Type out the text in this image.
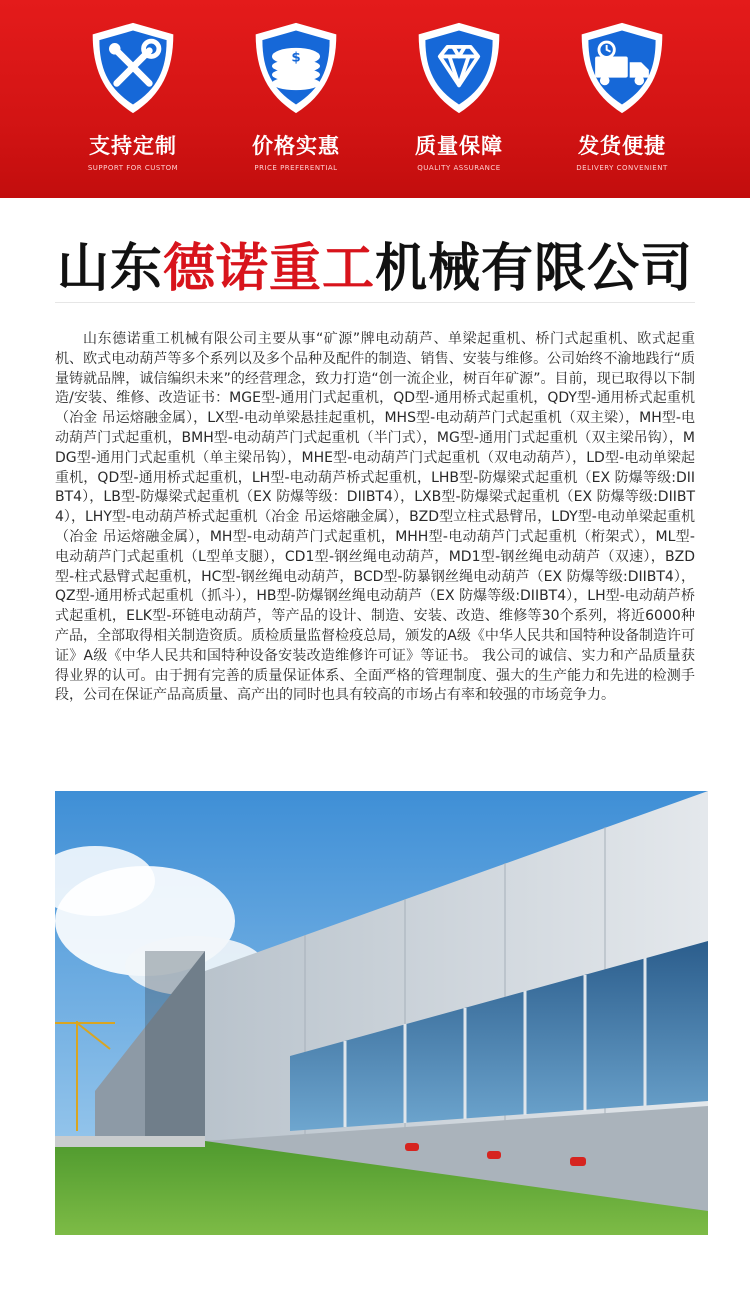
支持定制
SUPPORT FOR CUSTOM
$
价格实惠
PRICE PREFERENTIAL
质量保障
QUALITY ASSURANCE
发货便捷
DELIVERY CONVENIENT
山东德诺重工机械有限公司

山东德诺重工机械有限公司主要从事“矿源”牌电动葫芦、单梁起重机、桥门式起重机、欧式起重机、欧式电动葫芦等多个系列以及多个品种及配件的制造、销售、安装与维修。公司始终不渝地践行“质量铸就品牌，诚信编织未来”的经营理念，致力打造“创一流企业，树百年矿源”。目前，现已取得以下制造/安装、维修、改造证书：MGE型-通用门式起重机，QD型-通用桥式起重机，QDY型-通用桥式起重机（冶金 吊运熔融金属），LX型-电动单梁悬挂起重机，MHS型-电动葫芦门式起重机（双主梁），MH型-电动葫芦门式起重机，BMH型-电动葫芦门式起重机（半门式），MG型-通用门式起重机（双主梁吊钩），MDG型-通用门式起重机（单主梁吊钩），MHE型-电动葫芦门式起重机（双电动葫芦），LD型-电动单梁起重机，QD型-通用桥式起重机，LH型-电动葫芦桥式起重机，LHB型-防爆梁式起重机（EX 防爆等级:DIIBT4），LB型-防爆梁式起重机（EX 防爆等级：DIIBT4），LXB型-防爆梁式起重机（EX 防爆等级:DIIBT4），LHY型-电动葫芦桥式起重机（冶金 吊运熔融金属），BZD型立柱式悬臂吊，LDY型-电动单梁起重机（冶金 吊运熔融金属），MH型-电动葫芦门式起重机，MHH型-电动葫芦门式起重机（桁架式），ML型-电动葫芦门式起重机（L型单支腿），CD1型-钢丝绳电动葫芦，MD1型-钢丝绳电动葫芦（双速），BZD型-柱式悬臂式起重机，HC型-钢丝绳电动葫芦，BCD型-防暴钢丝绳电动葫芦（EX 防爆等级:DIIBT4），QZ型-通用桥式起重机（抓斗），HB型-防爆钢丝绳电动葫芦（EX 防爆等级:DIIBT4），LH型-电动葫芦桥式起重机，ELK型-环链电动葫芦，等产品的设计、制造、安装、改造、维修等30个系列，将近6000种产品，全部取得相关制造资质。质检质量监督检疫总局，颁发的A级《中华人民共和国特种设备制造许可证》A级《中华人民共和国特种设备安装改造维修许可证》等证书。 我公司的诚信、实力和产品质量获得业界的认可。由于拥有完善的质量保证体系、全面严格的管理制度、强大的生产能力和先进的检测手段，公司在保证产品高质量、高产出的同时也具有较高的市场占有率和较强的市场竞争力。
